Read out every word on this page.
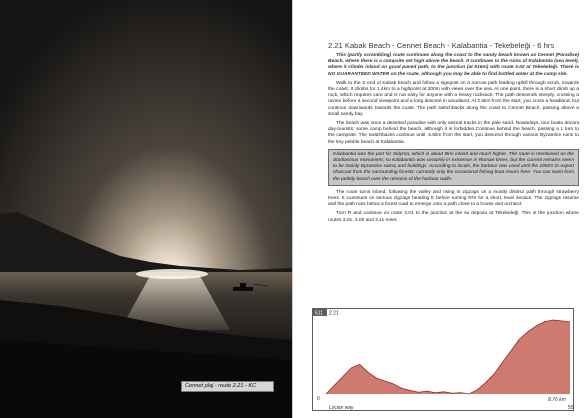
Cennet plaj - route 2.21 - KC
2.21 Kabak Beach - Cennet Beach - Kalabantia - Tekebeleği - 6 hrs

This (partly scrambling) route continues along the coast to the sandy beach known as Cennet (Paradise) Beach, where there is a campsite set high above the beach. It continues to the ruins of Kalabantia (sea level), where it climbs inland on good paved path, to the junction (at 516m) with route 3.02 at Tekebeleği. There is NO GUARANTEED WATER on the route, although you may be able to find bottled water at the camp site.

Walk to the S end of Kabak beach and follow a signpost on a narrow path leading uphill through scrub, towards the coast. It climbs for 1.4km to a highpoint at 200m with views over the sea. At one point, there is a short climb up a rock, which requires care and is not easy for anyone with a heavy rucksack. The path descends steeply, crossing a ravine before a second viewpoint and a long descent in woodland. At 2.5km from the start, you cross a headland, but continue downwards towards the coast. The path switchbacks along the coast to Cennet Beach, passing above a small sandy bay.

The beach was once a deserted paradise with only animal tracks in the pale sand. Nowadays, tour boats decant day-tourists; some camp behind the beach, although it is forbidden.Continue behind the beach, passing a L turn to the campsite. The switchbacks continue until, 5.5km from the start, you descend through various Byzantine ruins to the tiny pebble beach at Kalabantia.

Kalabantia was the port for Sidyma, which is about 5km inland and much higher. The route is mentioned on the Stadiasmus monument, so Kalabantia was certainly in existence in Roman times, but the current remains seem to be mainly Byzantine samıç and buildings. According to locals, the harbour was used until the 1950's to export charcoal from the surrounding forests; currently only the occasional fishing boat moors here. You can swim from the pebbly beach over the remains of the harbour walls.

The route turns inland, following the valley and rising in zigzags on a mostly distinct path through strawberry trees. It continues on serious zigzags heading E before turning R/S for a short, level section. The zigzags resume and the path runs below a forest road to emerge onto a path close to a house and orchard.

Turn R and continue on route 3.01 to the junction at the su deposu at Tekebeleği. This is the junction where routes 3.01, 3.02 and 3.11 meet.

511 2.21
0	8.76 km
Lycian way	55
